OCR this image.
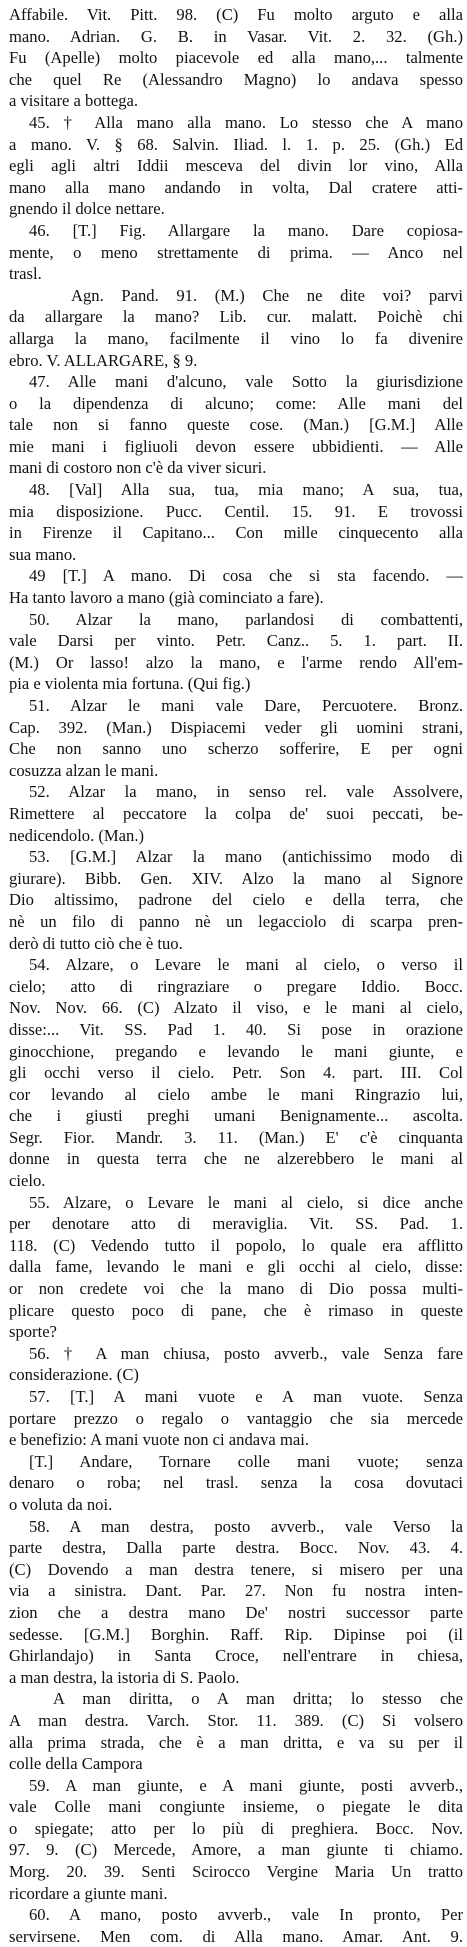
Affabile. Vit. Pitt. 98. (C) Fu molto arguto e alla
mano. Adrian. G. B. in Vasar. Vit. 2. 32. (Gh.)
Fu (Apelle) molto piacevole ed alla mano,... talmente
che quel Re (Alessandro Magno) lo andava spesso
a visitare a bottega.
45. † Alla mano alla mano. Lo stesso che A mano
a mano. V. § 68. Salvin. Iliad. l. 1. p. 25. (Gh.) Ed
egli agli altri Iddii mesceva del divin lor vino, Alla
mano alla mano andando in volta, Dal cratere atti-
gnendo il dolce nettare.
46. [T.] Fig. Allargare la mano. Dare copiosa-
mente, o meno strettamente di prima. — Anco nel
trasl.
Agn. Pand. 91. (M.) Che ne dite voi? parvi
da allargare la mano? Lib. cur. malatt. Poichè chi
allarga la mano, facilmente il vino lo fa divenire
ebro. V. ALLARGARE, § 9.
47. Alle mani d'alcuno, vale Sotto la giurisdizione
o la dipendenza di alcuno; come: Alle mani del
tale non si fanno queste cose. (Man.) [G.M.] Alle
mie mani i figliuoli devon essere ubbidienti. — Alle
mani di costoro non c'è da viver sicuri.
48. [Val] Alla sua, tua, mia mano; A sua, tua,
mia disposizione. Pucc. Centil. 15. 91. E trovossi
in Firenze il Capitano... Con mille cinquecento alla
sua mano.
49 [T.] A mano. Di cosa che si sta facendo. —
Ha tanto lavoro a mano (già cominciato a fare).
50. Alzar la mano, parlandosi di combattenti,
vale Darsi per vinto. Petr. Canz.. 5. 1. part. II.
(M.) Or lasso! alzo la mano, e l'arme rendo All'em-
pia e violenta mia fortuna. (Qui fig.)
51. Alzar le mani vale Dare, Percuotere. Bronz.
Cap. 392. (Man.) Dispiacemi veder gli uomini strani,
Che non sanno uno scherzo sofferire, E per ogni
cosuzza alzan le mani.
52. Alzar la mano, in senso rel. vale Assolvere,
Rimettere al peccatore la colpa de' suoi peccati, be-
nedicendolo. (Man.)
53. [G.M.] Alzar la mano (antichissimo modo di
giurare). Bibb. Gen. XIV. Alzo la mano al Signore
Dio altissimo, padrone del cielo e della terra, che
nè un filo di panno nè un legacciolo di scarpa pren-
derò di tutto ciò che è tuo.
54. Alzare, o Levare le mani al cielo, o verso il
cielo; atto di ringraziare o pregare Iddio. Bocc.
Nov. Nov. 66. (C) Alzato il viso, e le mani al cielo,
disse:... Vit. SS. Pad 1. 40. Si pose in orazione
ginocchione, pregando e levando le mani giunte, e
gli occhi verso il cielo. Petr. Son 4. part. III. Col
cor levando al cielo ambe le mani Ringrazio lui,
che i giusti preghi umani Benignamente... ascolta.
Segr. Fior. Mandr. 3. 11. (Man.) E' c'è cinquanta
donne in questa terra che ne alzerebbero le mani al
cielo.
55. Alzare, o Levare le mani al cielo, si dice anche
per denotare atto di meraviglia. Vit. SS. Pad. 1.
118. (C) Vedendo tutto il popolo, lo quale era afflitto
dalla fame, levando le mani e gli occhi al cielo, disse:
or non credete voi che la mano di Dio possa multi-
plicare questo poco di pane, che è rimaso in queste
sporte?
56. † A man chiusa, posto avverb., vale Senza fare
considerazione. (C)
57. [T.] A mani vuote e A man vuote. Senza
portare prezzo o regalo o vantaggio che sia mercede
e benefizio: A mani vuote non ci andava mai.
[T.] Andare, Tornare colle mani vuote; senza
denaro o roba; nel trasl. senza la cosa dovutaci
o voluta da noi.
58. A man destra, posto avverb., vale Verso la
parte destra, Dalla parte destra. Bocc. Nov. 43. 4.
(C) Dovendo a man destra tenere, si misero per una
via a sinistra. Dant. Par. 27. Non fu nostra inten-
zion che a destra mano De' nostri successor parte
sedesse. [G.M.] Borghin. Raff. Rip. Dipinse poi (il
Ghirlandajo) in Santa Croce, nell'entrare in chiesa,
a man destra, la istoria di S. Paolo.
A man diritta, o A man dritta; lo stesso che
A man destra. Varch. Stor. 11. 389. (C) Si volsero
alla prima strada, che è a man dritta, e va su per il
colle della Campora
59. A man giunte, e A mani giunte, posti avverb.,
vale Colle mani congiunte insieme, o piegate le dita
o spiegate; atto per lo più di preghiera. Bocc. Nov.
97. 9. (C) Mercede, Amore, a man giunte ti chiamo.
Morg. 20. 39. Senti Scirocco Vergine Maria Un tratto
ricordare a giunte mani.
60. A mano, posto avverb., vale In pronto, Per
servirsene. Men com. di Alla mano. Amar. Ant. 9.
